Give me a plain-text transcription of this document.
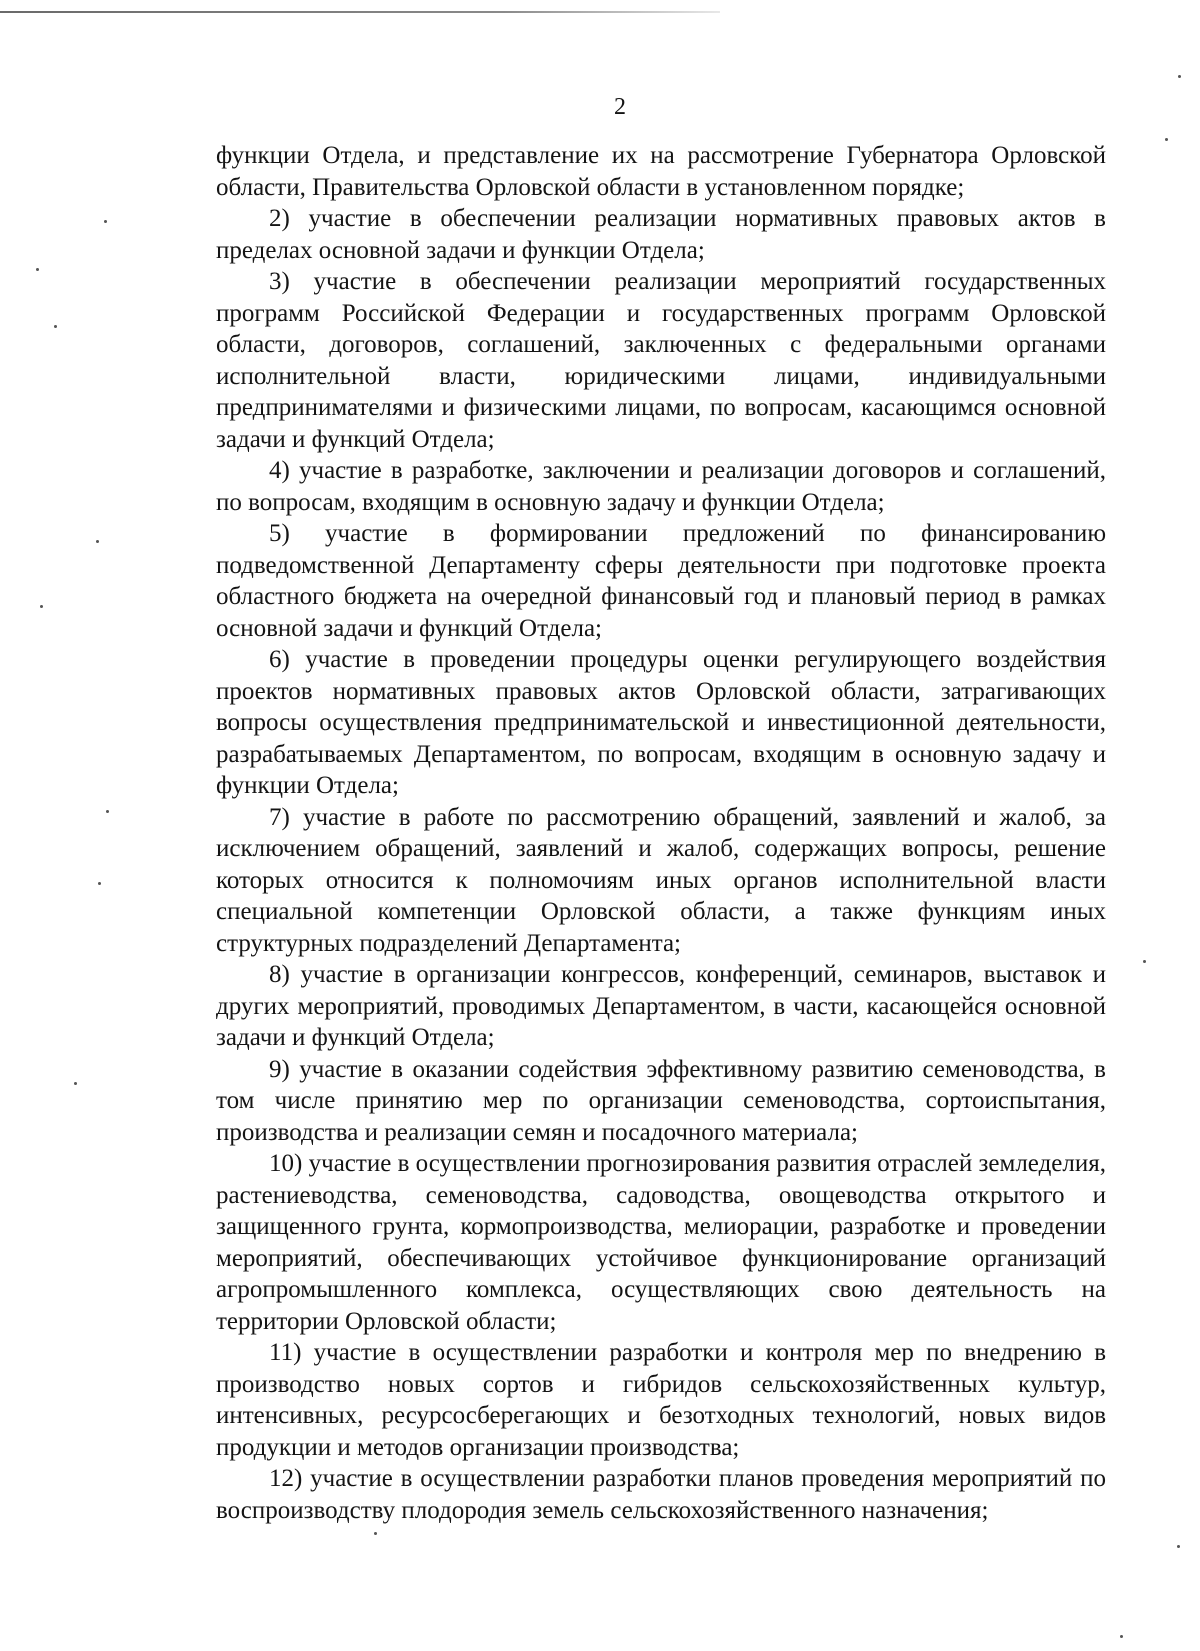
2

функции Отдела, и представление их на рассмотрение Губернатора Орловской области, Правительства Орловской области в установленном порядке;

2) участие в обеспечении реализации нормативных правовых актов в пределах основной задачи и функции Отдела;

3) участие в обеспечении реализации мероприятий государственных программ Российской Федерации и государственных программ Орловской области, договоров, соглашений, заключенных с федеральными органами исполнительной власти, юридическими лицами, индивидуальными предпринимателями и физическими лицами, по вопросам, касающимся основной задачи и функций Отдела;

4) участие в разработке, заключении и реализации договоров и соглашений, по вопросам, входящим в основную задачу и функции Отдела;

5) участие в формировании предложений по финансированию подведомственной Департаменту сферы деятельности при подготовке проекта областного бюджета на очередной финансовый год и плановый период в рамках основной задачи и функций Отдела;

6) участие в проведении процедуры оценки регулирующего воздействия проектов нормативных правовых актов Орловской области, затрагивающих вопросы осуществления предпринимательской и инвестиционной деятельности, разрабатываемых Департаментом, по вопросам, входящим в основную задачу и функции Отдела;

7) участие в работе по рассмотрению обращений, заявлений и жалоб, за исключением обращений, заявлений и жалоб, содержащих вопросы, решение которых относится к полномочиям иных органов исполнительной власти специальной компетенции Орловской области, а также функциям иных структурных подразделений Департамента;

8) участие в организации конгрессов, конференций, семинаров, выставок и других мероприятий, проводимых Департаментом, в части, касающейся основной задачи и функций Отдела;

9) участие в оказании содействия эффективному развитию семеноводства, в том числе принятию мер по организации семеноводства, сортоиспытания, производства и реализации семян и посадочного материала;

10) участие в осуществлении прогнозирования развития отраслей земледелия, растениеводства, семеноводства, садоводства, овощеводства открытого и защищенного грунта, кормопроизводства, мелиорации, разработке и проведении мероприятий, обеспечивающих устойчивое функционирование организаций агропромышленного комплекса, осуществляющих свою деятельность на территории Орловской области;

11) участие в осуществлении разработки и контроля мер по внедрению в производство новых сортов и гибридов сельскохозяйственных культур, интенсивных, ресурсосберегающих и безотходных технологий, новых видов продукции и методов организации производства;

12) участие в осуществлении разработки планов проведения мероприятий по воспроизводству плодородия земель сельскохозяйственного назначения;
